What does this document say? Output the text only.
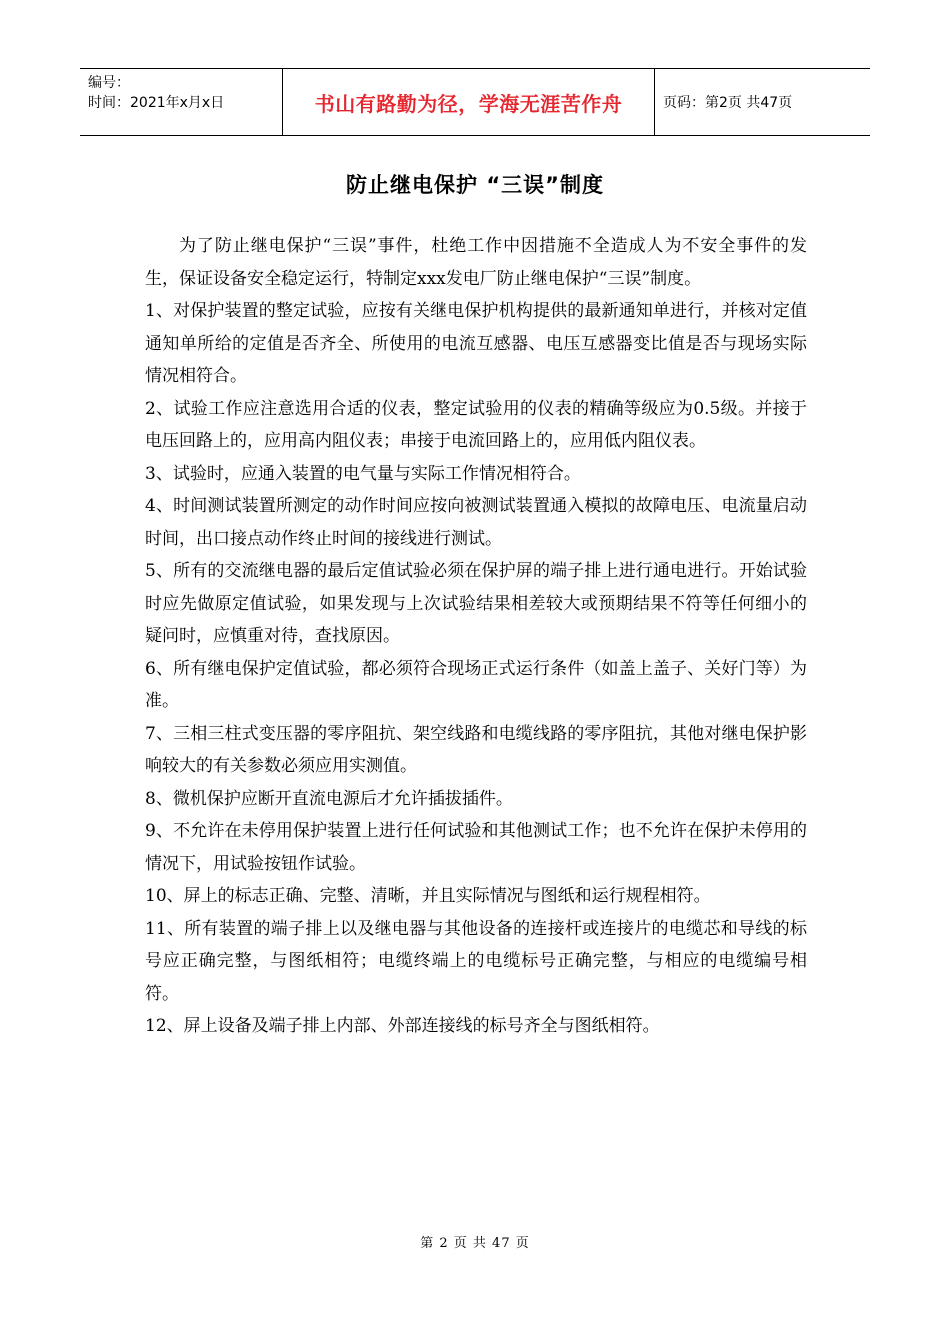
编号：
时间：2021年x月x日	书山有路勤为径，学海无涯苦作舟	页码：第2页 共47页
防止继电保护 “三误”制度

为了防止继电保护“三误”事件，杜绝工作中因措施不全造成人为不安全事件的发生，保证设备安全稳定运行，特制定xxx发电厂防止继电保护“三误”制度。

1、对保护装置的整定试验，应按有关继电保护机构提供的最新通知单进行，并核对定值通知单所给的定值是否齐全、所使用的电流互感器、电压互感器变比值是否与现场实际情况相符合。

2、试验工作应注意选用合适的仪表，整定试验用的仪表的精确等级应为0.5级。并接于电压回路上的，应用高内阻仪表；串接于电流回路上的，应用低内阻仪表。

3、试验时，应通入装置的电气量与实际工作情况相符合。

4、时间测试装置所测定的动作时间应按向被测试装置通入模拟的故障电压、电流量启动时间，出口接点动作终止时间的接线进行测试。

5、所有的交流继电器的最后定值试验必须在保护屏的端子排上进行通电进行。开始试验时应先做原定值试验，如果发现与上次试验结果相差较大或预期结果不符等任何细小的疑问时，应慎重对待，查找原因。

6、所有继电保护定值试验，都必须符合现场正式运行条件（如盖上盖子、关好门等）为准。

7、三相三柱式变压器的零序阻抗、架空线路和电缆线路的零序阻抗，其他对继电保护影响较大的有关参数必须应用实测值。

8、微机保护应断开直流电源后才允许插拔插件。

9、不允许在未停用保护装置上进行任何试验和其他测试工作；也不允许在保护未停用的情况下，用试验按钮作试验。

10、屏上的标志正确、完整、清晰，并且实际情况与图纸和运行规程相符。

11、所有装置的端子排上以及继电器与其他设备的连接杆或连接片的电缆芯和导线的标号应正确完整，与图纸相符；电缆终端上的电缆标号正确完整，与相应的电缆编号相符。

12、屏上设备及端子排上内部、外部连接线的标号齐全与图纸相符。

第 2 页 共 47 页
